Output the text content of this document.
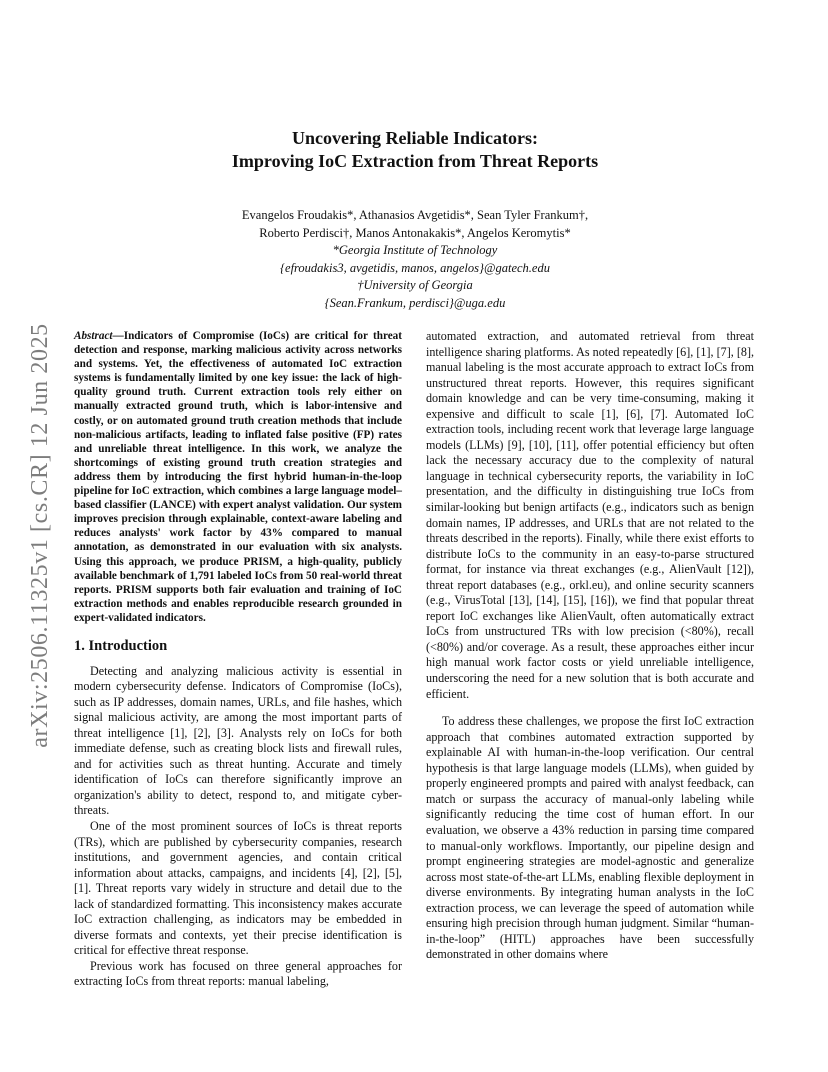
arXiv:2506.11325v1 [cs.CR] 12 Jun 2025
Uncovering Reliable Indicators:
Improving IoC Extraction from Threat Reports
Evangelos Froudakis*, Athanasios Avgetidis*, Sean Tyler Frankum†,
Roberto Perdisci†, Manos Antonakakis*, Angelos Keromytis*
*Georgia Institute of Technology
{efroudakis3, avgetidis, manos, angelos}@gatech.edu
†University of Georgia
{Sean.Frankum, perdisci}@uga.edu
Abstract—Indicators of Compromise (IoCs) are critical for threat detection and response, marking malicious activity across networks and systems. Yet, the effectiveness of automated IoC extraction systems is fundamentally limited by one key issue: the lack of high-quality ground truth. Current extraction tools rely either on manually extracted ground truth, which is labor-intensive and costly, or on automated ground truth creation methods that include non-malicious artifacts, leading to inflated false positive (FP) rates and unreliable threat intelligence. In this work, we analyze the shortcomings of existing ground truth creation strategies and address them by introducing the first hybrid human-in-the-loop pipeline for IoC extraction, which combines a large language model–based classifier (LANCE) with expert analyst validation. Our system improves precision through explainable, context-aware labeling and reduces analysts' work factor by 43% compared to manual annotation, as demonstrated in our evaluation with six analysts. Using this approach, we produce PRISM, a high-quality, publicly available benchmark of 1,791 labeled IoCs from 50 real-world threat reports. PRISM supports both fair evaluation and training of IoC extraction methods and enables reproducible research grounded in expert-validated indicators.
1. Introduction

Detecting and analyzing malicious activity is essential in modern cybersecurity defense. Indicators of Compromise (IoCs), such as IP addresses, domain names, URLs, and file hashes, which signal malicious activity, are among the most important parts of threat intelligence [1], [2], [3]. Analysts rely on IoCs for both immediate defense, such as creating block lists and firewall rules, and for activities such as threat hunting. Accurate and timely identification of IoCs can therefore significantly improve an organization's ability to detect, respond to, and mitigate cyber-threats.

One of the most prominent sources of IoCs is threat reports (TRs), which are published by cybersecurity companies, research institutions, and government agencies, and contain critical information about attacks, campaigns, and incidents [4], [2], [5], [1]. Threat reports vary widely in structure and detail due to the lack of standardized formatting. This inconsistency makes accurate IoC extraction challenging, as indicators may be embedded in diverse formats and contexts, yet their precise identification is critical for effective threat response.

Previous work has focused on three general approaches for extracting IoCs from threat reports: manual labeling,

automated extraction, and automated retrieval from threat intelligence sharing platforms. As noted repeatedly [6], [1], [7], [8], manual labeling is the most accurate approach to extract IoCs from unstructured threat reports. However, this requires significant domain knowledge and can be very time-consuming, making it expensive and difficult to scale [1], [6], [7]. Automated IoC extraction tools, including recent work that leverage large language models (LLMs) [9], [10], [11], offer potential efficiency but often lack the necessary accuracy due to the complexity of natural language in technical cybersecurity reports, the variability in IoC presentation, and the difficulty in distinguishing true IoCs from similar-looking but benign artifacts (e.g., indicators such as benign domain names, IP addresses, and URLs that are not related to the threats described in the reports). Finally, while there exist efforts to distribute IoCs to the community in an easy-to-parse structured format, for instance via threat exchanges (e.g., AlienVault [12]), threat report databases (e.g., orkl.eu), and online security scanners (e.g., VirusTotal [13], [14], [15], [16]), we find that popular threat report IoC exchanges like AlienVault, often automatically extract IoCs from unstructured TRs with low precision (<80%), recall (<80%) and/or coverage. As a result, these approaches either incur high manual work factor costs or yield unreliable intelligence, underscoring the need for a new solution that is both accurate and efficient.

To address these challenges, we propose the first IoC extraction approach that combines automated extraction supported by explainable AI with human-in-the-loop verification. Our central hypothesis is that large language models (LLMs), when guided by properly engineered prompts and paired with analyst feedback, can match or surpass the accuracy of manual-only labeling while significantly reducing the time cost of human effort. In our evaluation, we observe a 43% reduction in parsing time compared to manual-only workflows. Importantly, our pipeline design and prompt engineering strategies are model-agnostic and generalize across most state-of-the-art LLMs, enabling flexible deployment in diverse environments. By integrating human analysts in the IoC extraction process, we can leverage the speed of automation while ensuring high precision through human judgment. Similar “human-in-the-loop” (HITL) approaches have been successfully demonstrated in other domains where
